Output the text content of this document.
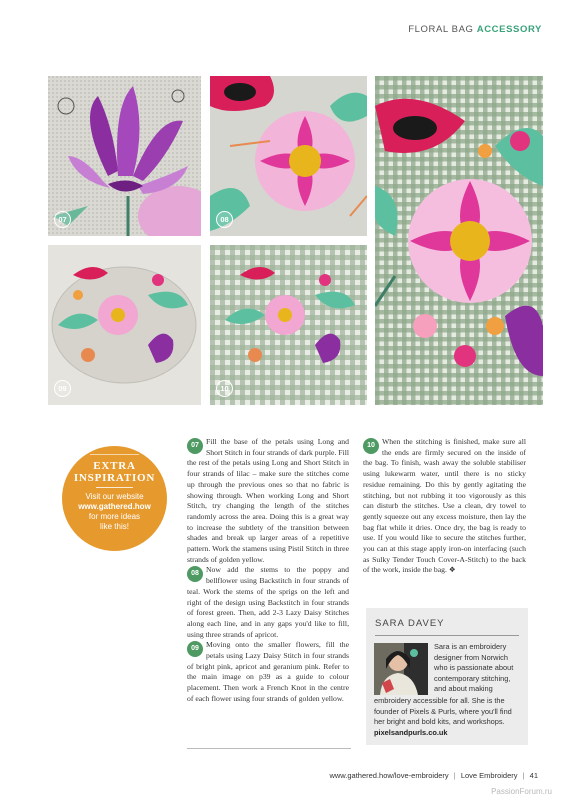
FLORAL BAG ACCESSORY
07	08
09	10
EXTRA
INSPIRATION
Visit our website
www.gathered.how
for more ideas
like this!

07 Fill the base of the petals using Long and Short Stitch in four strands of dark purple. Fill the rest of the petals using Long and Short Stitch in four strands of lilac – make sure the stitches come up through the previous ones so that no fabric is showing through. When working Long and Short Stitch, try changing the length of the stitches randomly across the area. Doing this is a great way to increase the subtlety of the transition between shades and break up larger areas of a repetitive pattern. Work the stamens using Pistil Stitch in three strands of golden yellow.

08 Now add the stems to the poppy and bellflower using Backstitch in four strands of teal. Work the stems of the sprigs on the left and right of the design using Backstitch in four strands of forest green. Then, add 2-3 Lazy Daisy Stitches along each line, and in any gaps you'd like to fill, using three strands of apricot.

09 Moving onto the smaller flowers, fill the petals using Lazy Daisy Stitch in four strands of bright pink, apricot and geranium pink. Refer to the main image on p39 as a guide to colour placement. Then work a French Knot in the centre of each flower using four strands of golden yellow.

10 When the stitching is finished, make sure all the ends are firmly secured on the inside of the bag. To finish, wash away the soluble stabiliser using lukewarm water, until there is no sticky residue remaining. Do this by gently agitating the stitching, but not rubbing it too vigorously as this can disturb the stitches. Use a clean, dry towel to gently squeeze out any excess moisture, then lay the bag flat while it dries. Once dry, the bag is ready to use. If you would like to secure the stitches further, you can at this stage apply iron-on interfacing (such as Sulky Tender Touch Cover-A-Stitch) to the back of the work, inside the bag. ❖

SARA DAVEY
Sara is an embroidery designer from Norwich who is passionate about contemporary stitching, and about making
embroidery accessible for all. She is the founder of Pixels & Purls, where you'll find her bright and bold kits, and workshops.
pixelsandpurls.co.uk
www.gathered.how/love-embroidery | Love Embroidery | 41
PassionForum.ru
